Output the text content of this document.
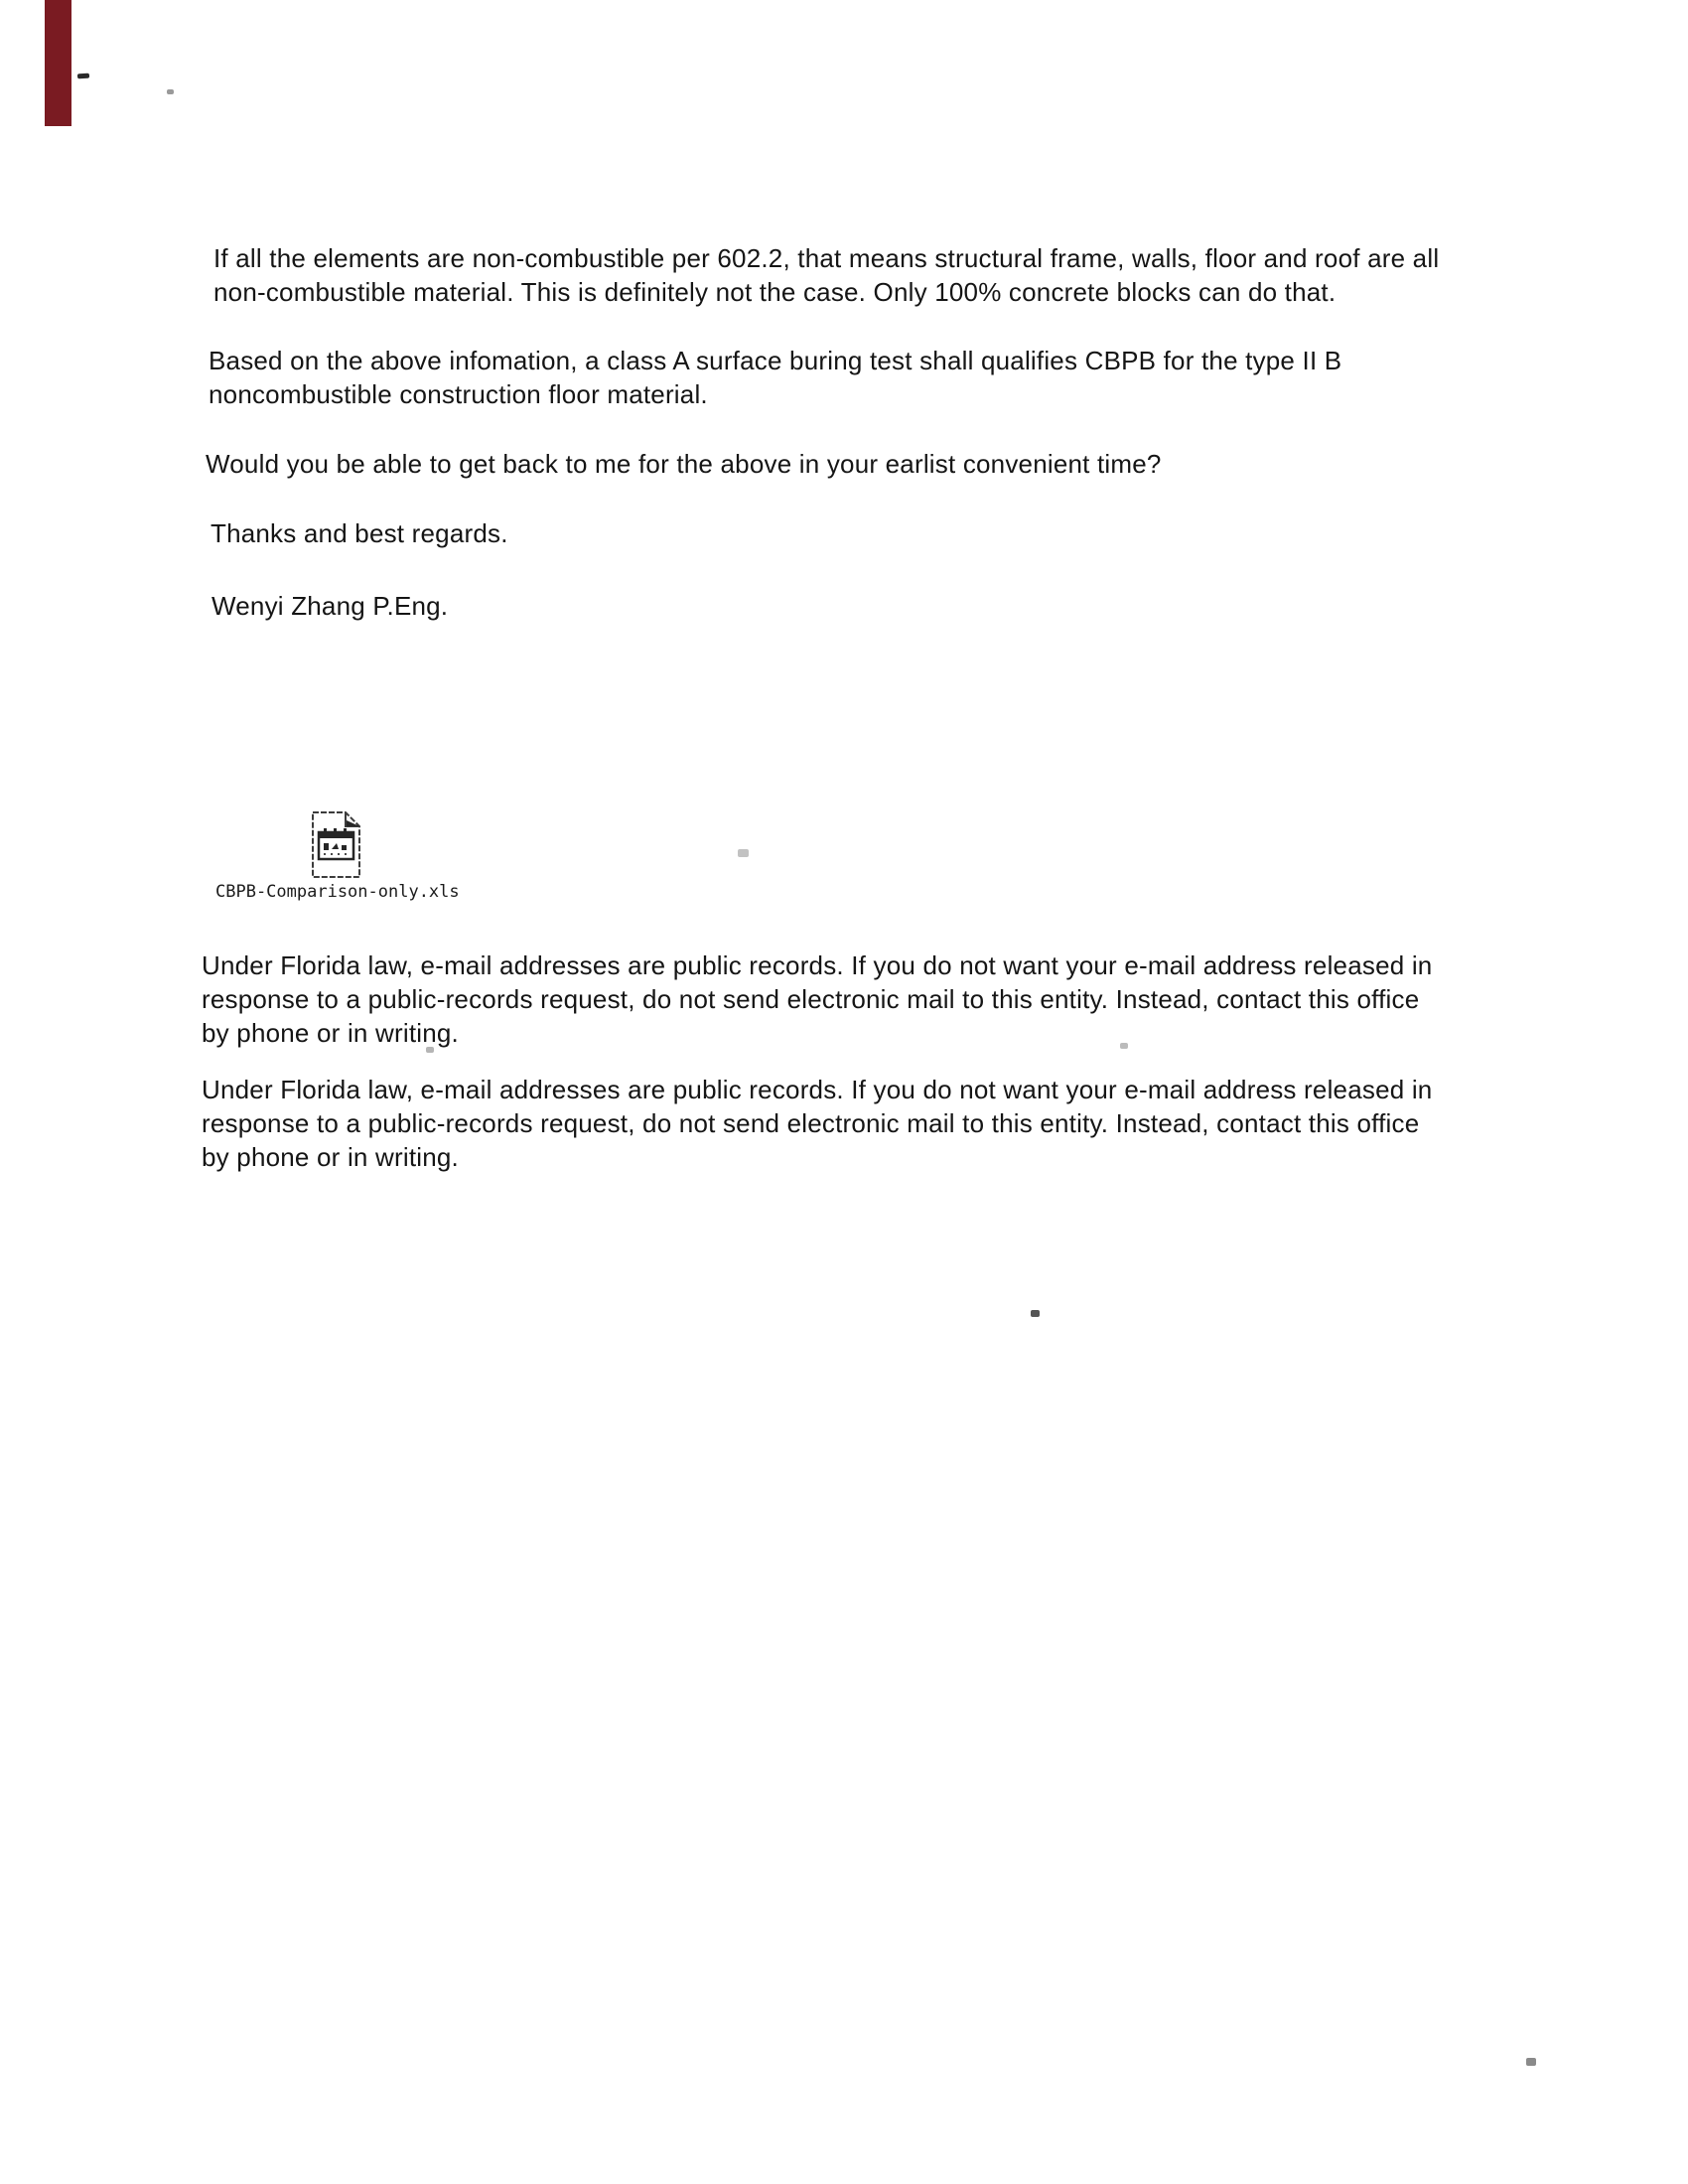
If all the elements are non-combustible per 602.2, that means structural frame, walls, floor and roof are all
non-combustible material. This is definitely not the case. Only 100% concrete blocks can do that.
Based on the above infomation, a class A surface buring test shall qualifies CBPB for the type II B
noncombustible construction floor material.
Would you be able to get back to me for the above in your earlist convenient time?
Thanks and best regards.
Wenyi Zhang P.Eng.
CBPB-Comparison-only.xls
Under Florida law, e-mail addresses are public records. If you do not want your e-mail address released in
response to a public-records request, do not send electronic mail to this entity. Instead, contact this office
by phone or in writing.
Under Florida law, e-mail addresses are public records. If you do not want your e-mail address released in
response to a public-records request, do not send electronic mail to this entity. Instead, contact this office
by phone or in writing.
